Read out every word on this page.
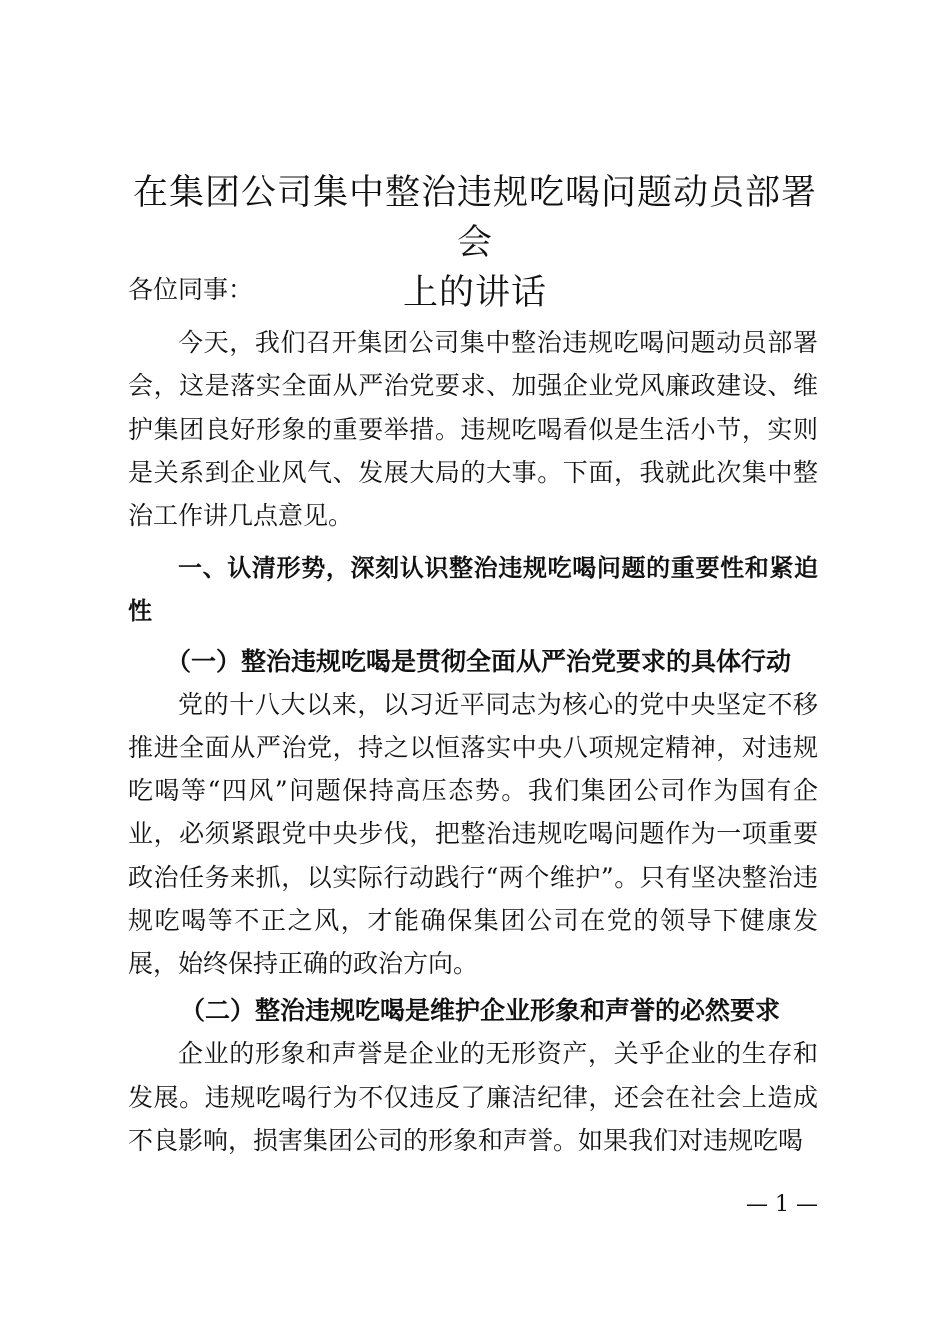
在集团公司集中整治违规吃喝问题动员部署会
上的讲话

各位同事：

今天，我们召开集团公司集中整治违规吃喝问题动员部署会，这是落实全面从严治党要求、加强企业党风廉政建设、维护集团良好形象的重要举措。违规吃喝看似是生活小节，实则是关系到企业风气、发展大局的大事。下面，我就此次集中整治工作讲几点意见。

一、认清形势，深刻认识整治违规吃喝问题的重要性和紧迫性

（一）整治违规吃喝是贯彻全面从严治党要求的具体行动

党的十八大以来，以习近平同志为核心的党中央坚定不移推进全面从严治党，持之以恒落实中央八项规定精神，对违规吃喝等“四风”问题保持高压态势。我们集团公司作为国有企业，必须紧跟党中央步伐，把整治违规吃喝问题作为一项重要政治任务来抓，以实际行动践行“两个维护”。只有坚决整治违规吃喝等不正之风，才能确保集团公司在党的领导下健康发展，始终保持正确的政治方向。

（二）整治违规吃喝是维护企业形象和声誉的必然要求

企业的形象和声誉是企业的无形资产，关乎企业的生存和发展。违规吃喝行为不仅违反了廉洁纪律，还会在社会上造成不良影响，损害集团公司的形象和声誉。如果我们对违规吃喝

— 1 —
